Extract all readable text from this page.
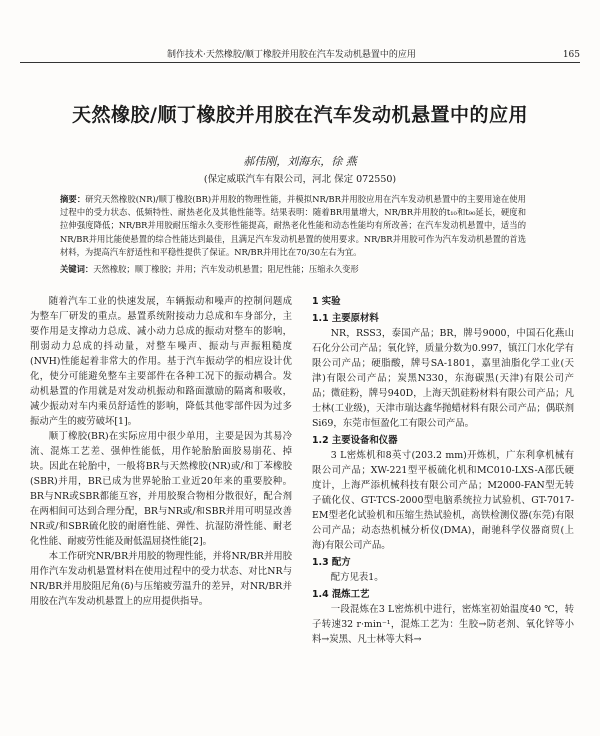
制作技术·天然橡胶/顺丁橡胶并用胶在汽车发动机悬置中的应用	165
天然橡胶/顺丁橡胶并用胶在汽车发动机悬置中的应用
郝伟刚，刘海东，徐 燕
(保定威联汽车有限公司，河北 保定 072550)
摘要：研究天然橡胶(NR)/顺丁橡胶(BR)并用胶的物理性能，并模拟NR/BR并用胶应用在汽车发动机悬置中的主要用途在使用过程中的受力状态、低频特性、耐热老化及其他性能等。结果表明：随着BR用量增大，NR/BR并用胶的t₁₀和t₉₀延长，硬度和拉伸强度降低；NR/BR并用胶耐压缩永久变形性能提高，耐热老化性能和动态性能均有所改善；在汽车发动机悬置中，适当的NR/BR并用比能使悬置的综合性能达到最佳，且满足汽车发动机悬置的使用要求。NR/BR并用胶可作为汽车发动机悬置的首选材料，为提高汽车舒适性和平稳性提供了保证。NR/BR并用比在70/30左右为宜。
关键词：天然橡胶；顺丁橡胶；并用；汽车发动机悬置；阻尼性能；压缩永久变形

随着汽车工业的快速发展，车辆振动和噪声的控制问题成为整车厂研发的重点。悬置系统附接动力总成和车身部分，主要作用是支撑动力总成、减小动力总成的振动对整车的影响，削弱动力总成的抖动量，对整车噪声、振动与声振粗糙度(NVH)性能起着非常大的作用。基于汽车振动学的相应设计优化，使分可能避免整车主要部件在各种工况下的振动耦合。发动机悬置的作用就是对发动机振动和路面激励的隔离和吸收，减少振动对车内乘员舒适性的影响，降低其他零部件因为过多振动产生的疲劳破坏[1]。

顺丁橡胶(BR)在实际应用中很少单用，主要是因为其易冷流、混炼工艺差、强伸性能低，用作轮胎胎面胶易崩花、掉块。因此在轮胎中，一般将BR与天然橡胶(NR)或/和丁苯橡胶(SBR)并用，BR已成为世界轮胎工业近20年来的重要胶种。BR与NR或SBR都能互容，并用胶聚合物相分散很好，配合剂在两相间可达到合理分配，BR与NR或/和SBR并用可明显改善NR或/和SBR硫化胶的耐磨性能、弹性、抗湿防滑性能、耐老化性能、耐疲劳性能及耐低温屈挠性能[2]。

本工作研究NR/BR并用胶的物理性能，并将NR/BR并用胶用作汽车发动机悬置材料在使用过程中的受力状态、对比NR与NR/BR并用胶阻尼角(δ)与压缩疲劳温升的差异，对NR/BR并用胶在汽车发动机悬置上的应用提供指导。

1 实验
1.1 主要原材料

NR，RSS3，泰国产品；BR，牌号9000，中国石化燕山石化分公司产品；氧化锌，质量分数为0.997，镇江门水化学有限公司产品；硬脂酸，牌号SA-1801，嘉里油脂化学工业(天津)有限公司产品；炭黑N330，东海碳黑(天津)有限公司产品；微硅粉，牌号940D，上海天凯硅粉材料有限公司产品；凡士林(工业级)，天津市瑞达鑫华抛蜡材料有限公司产品；偶联剂Si69，东莞市恒盈化工有限公司产品。

1.2 主要设备和仪器

3 L密炼机和8英寸(203.2 mm)开炼机，广东利拿机械有限公司产品；XW-221型平板硫化机和MC010-LXS-A邵氏硬度计，上海严添机械科技有限公司产品；M2000-FAN型无转子硫化仪、GT-TCS-2000型电脑系统拉力试验机、GT-7017-EM型老化试验机和压缩生热试验机，高铁检测仪器(东莞)有限公司产品；动态热机械分析仪(DMA)，耐驰科学仪器商贸(上海)有限公司产品。

1.3 配方

配方见表1。

1.4 混炼工艺

一段混炼在3 L密炼机中进行，密炼室初始温度40 ℃，转子转速32 r·min⁻¹，混炼工艺为：生胶→防老剂、氧化锌等小料→炭黑、凡士林等大料→
